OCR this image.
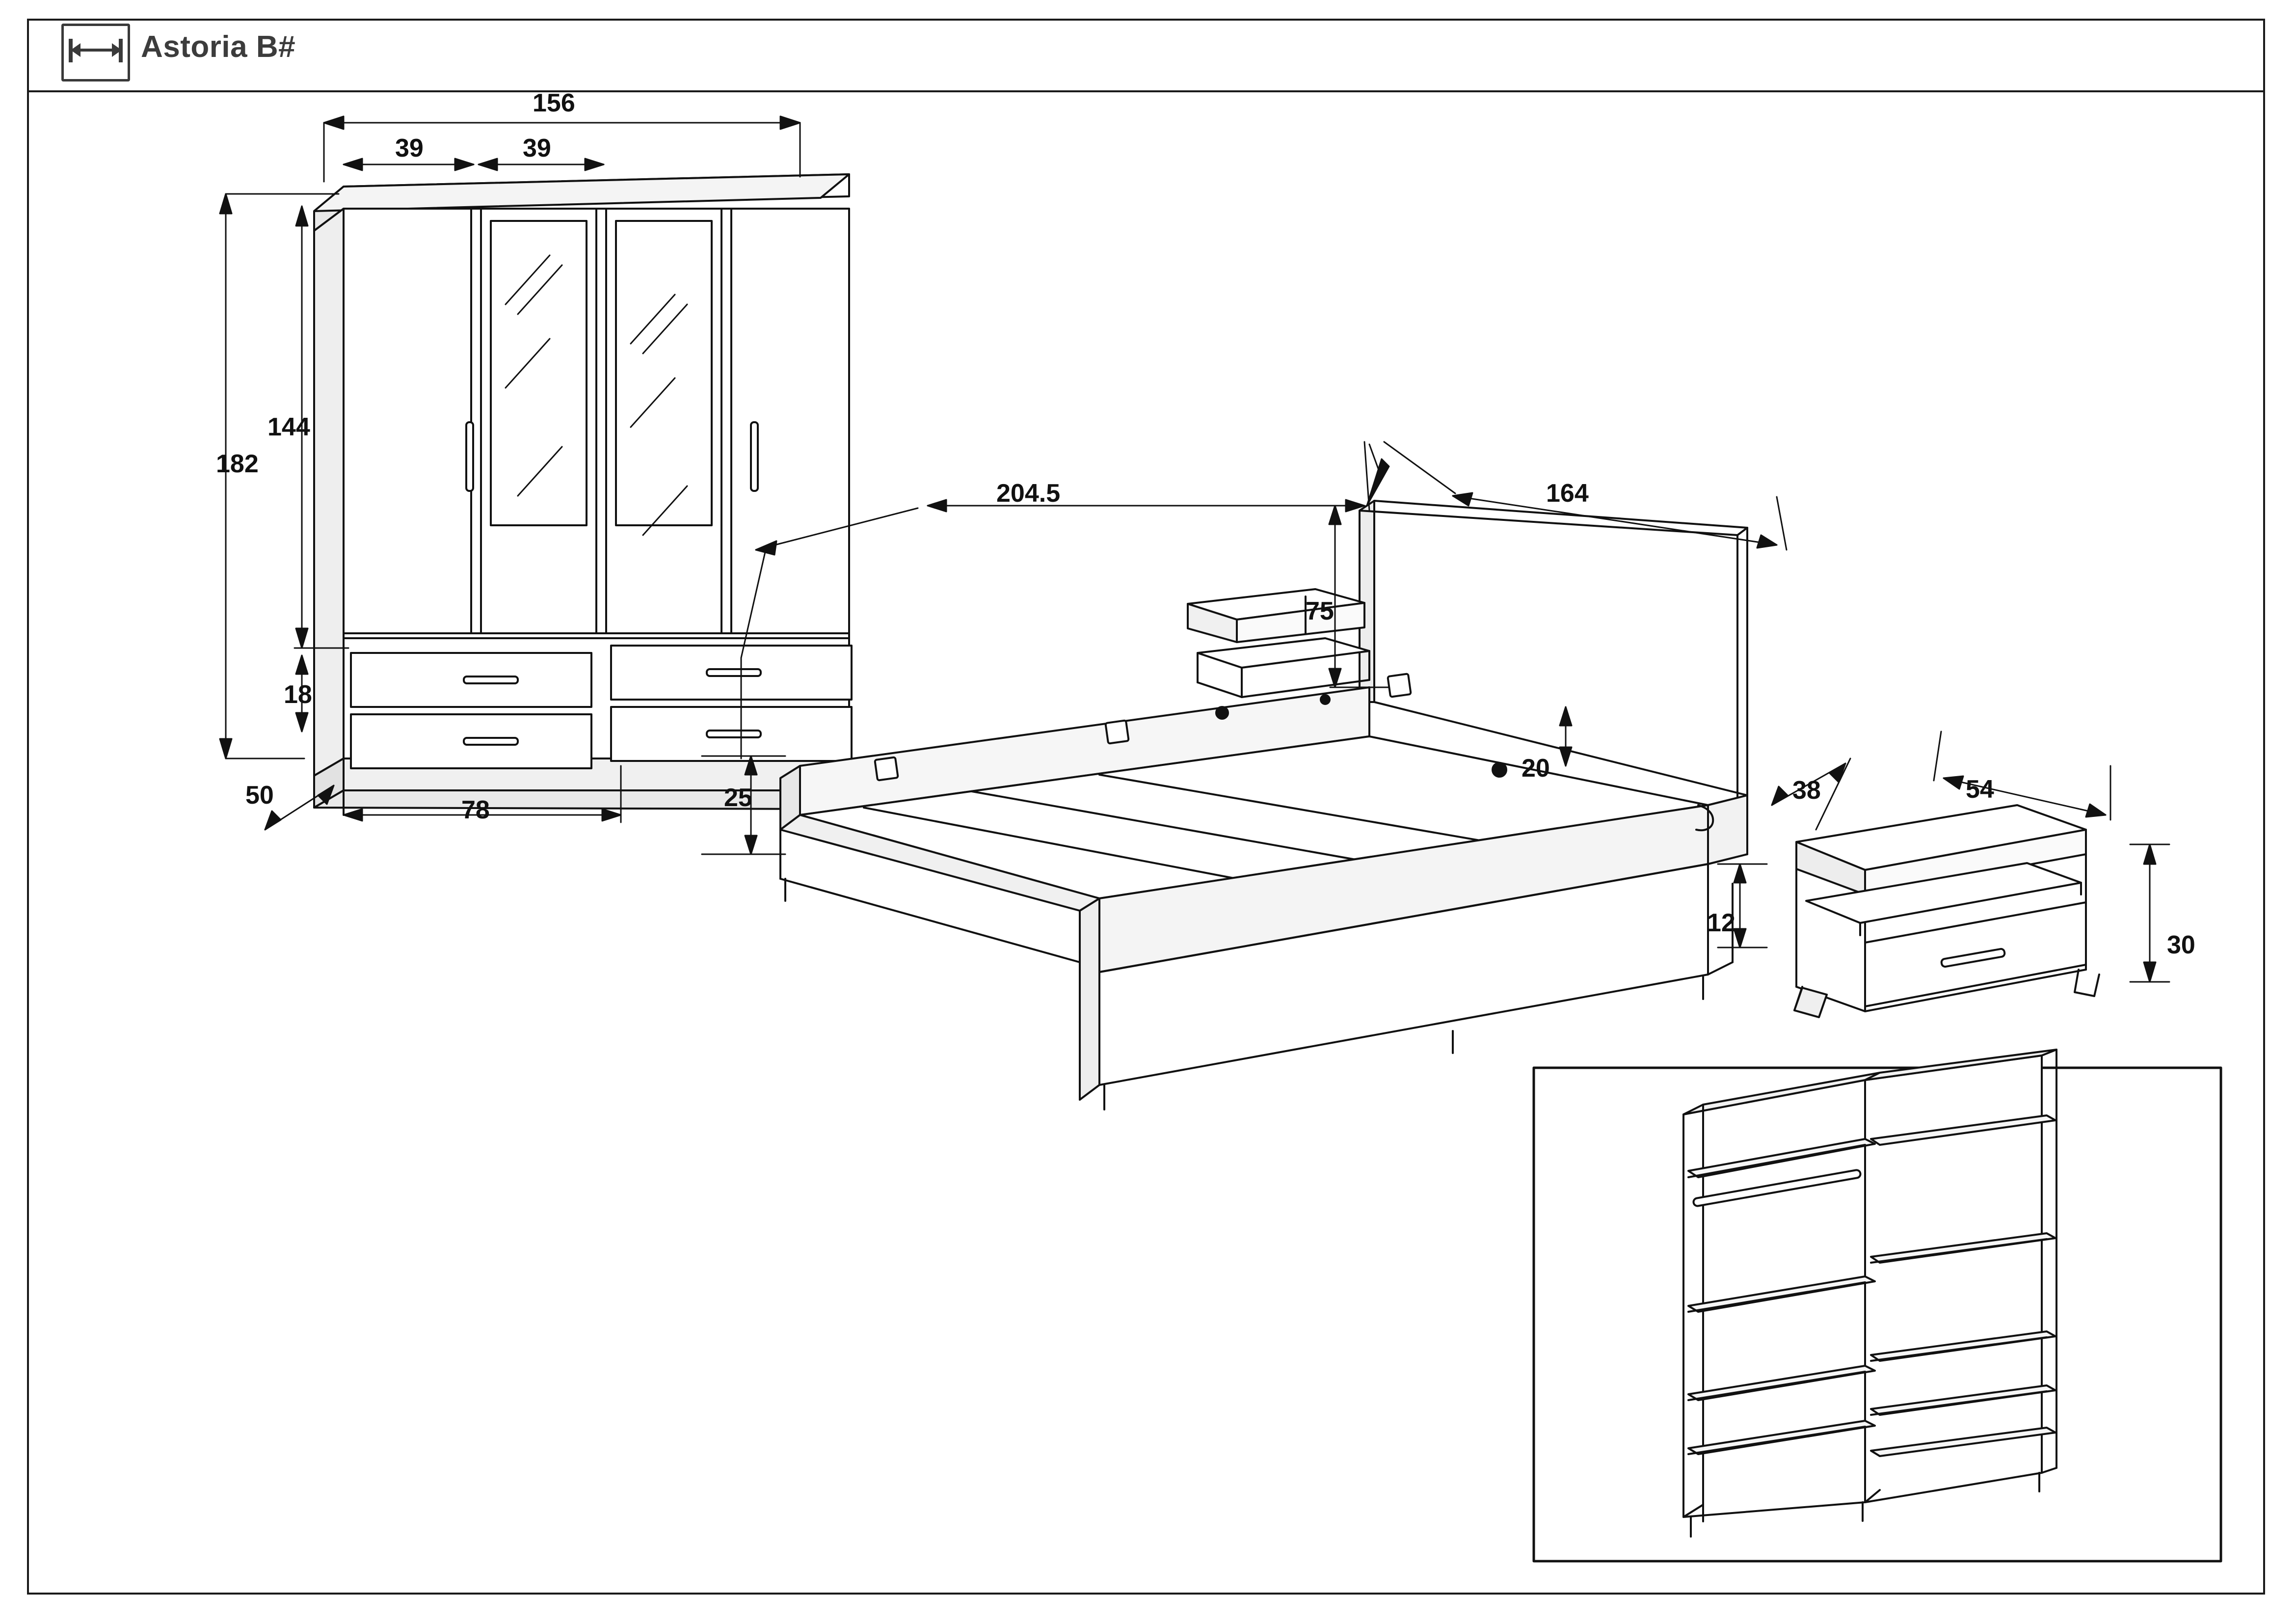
Astoria B#
156
39	39
182
144
18
50
78
204.5	164
75
25
20
12
38	54
30
